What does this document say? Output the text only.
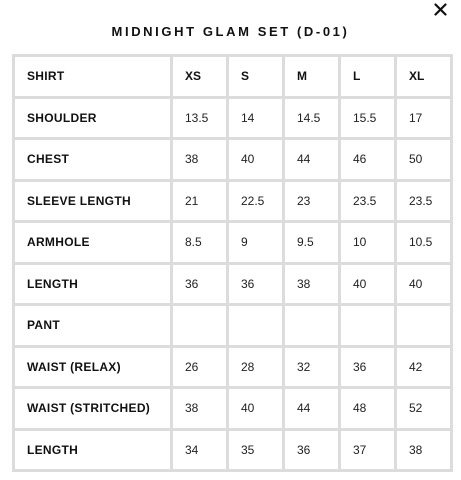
MIDNIGHT GLAM SET (D-01)
SHIRT	XS	S	M	L	XL
SHOULDER	13.5	14	14.5	15.5	17
CHEST	38	40	44	46	50
SLEEVE LENGTH	21	22.5	23	23.5	23.5
ARMHOLE	8.5	9	9.5	10	10.5
LENGTH	36	36	38	40	40
PANT					
WAIST (RELAX)	26	28	32	36	42
WAIST (STRITCHED)	38	40	44	48	52
LENGTH	34	35	36	37	38
